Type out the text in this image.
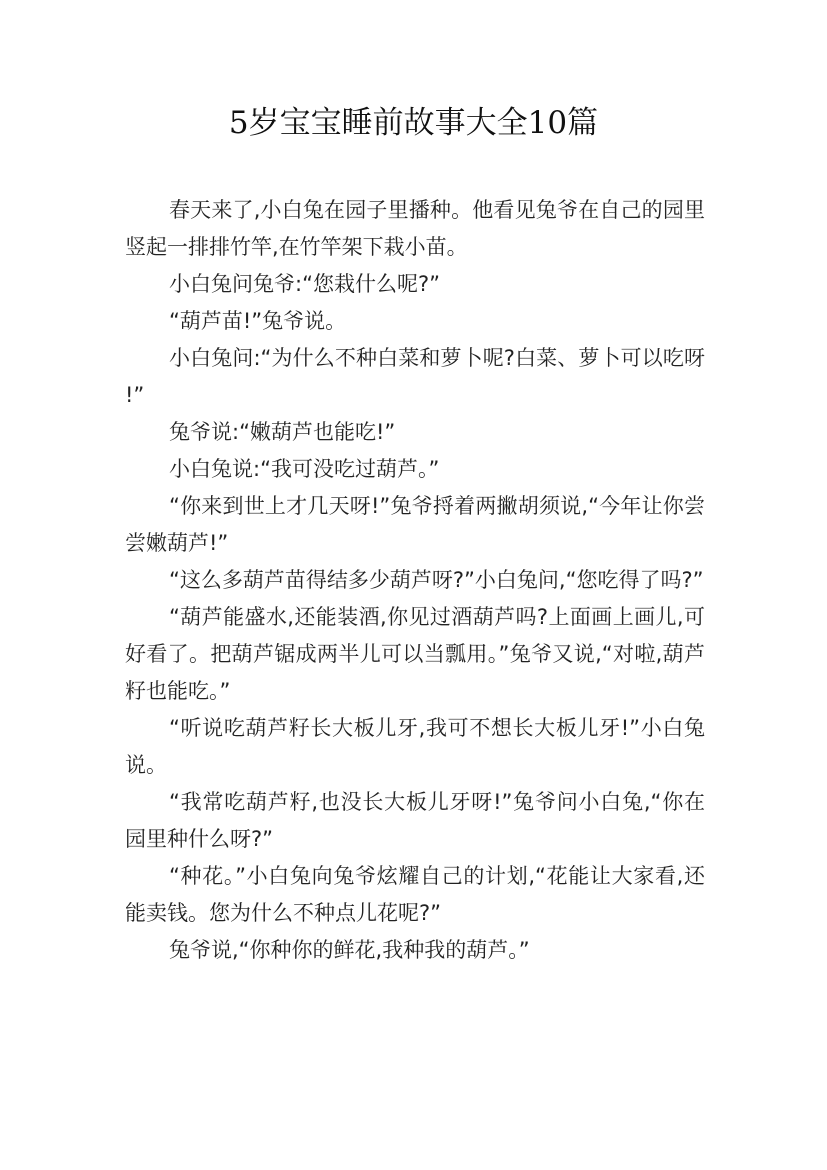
5岁宝宝睡前故事大全10篇

春天来了,小白兔在园子里播种。他看见兔爷在自己的园里竖起一排排竹竿,在竹竿架下栽小苗。

小白兔问兔爷:“您栽什么呢?”

“葫芦苗!”兔爷说。

小白兔问:“为什么不种白菜和萝卜呢?白菜、萝卜可以吃呀!”

兔爷说:“嫩葫芦也能吃!”

小白兔说:“我可没吃过葫芦。”

“你来到世上才几天呀!”兔爷捋着两撇胡须说,“今年让你尝尝嫩葫芦!”

“这么多葫芦苗得结多少葫芦呀?”小白兔问,“您吃得了吗?”

“葫芦能盛水,还能装酒,你见过酒葫芦吗?上面画上画儿,可好看了。把葫芦锯成两半儿可以当瓢用。”兔爷又说,“对啦,葫芦籽也能吃。”

“听说吃葫芦籽长大板儿牙,我可不想长大板儿牙!”小白兔说。

“我常吃葫芦籽,也没长大板儿牙呀!”兔爷问小白兔,“你在园里种什么呀?”

“种花。”小白兔向兔爷炫耀自己的计划,“花能让大家看,还能卖钱。您为什么不种点儿花呢?”

兔爷说,“你种你的鲜花,我种我的葫芦。”
